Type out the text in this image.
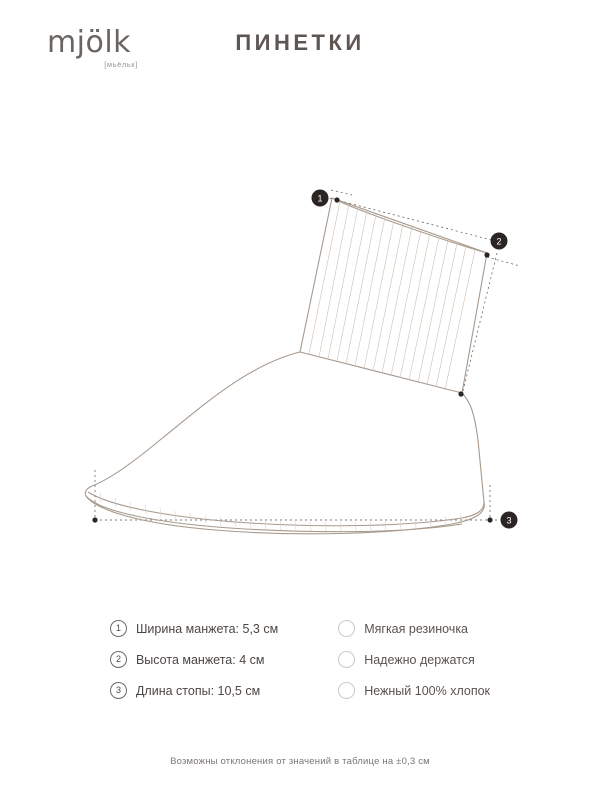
mjölk
[мьёльк]
ПИНЕТКИ
1
2
3
1	Ширина манжета: 5,3 см
2	Высота манжета: 4 см
3	Длина стопы: 10,5 см
Мягкая резиночка
Надежно держатся
Нежный 100% хлопок
Возможны отклонения от значений в таблице на ±0,3 см
